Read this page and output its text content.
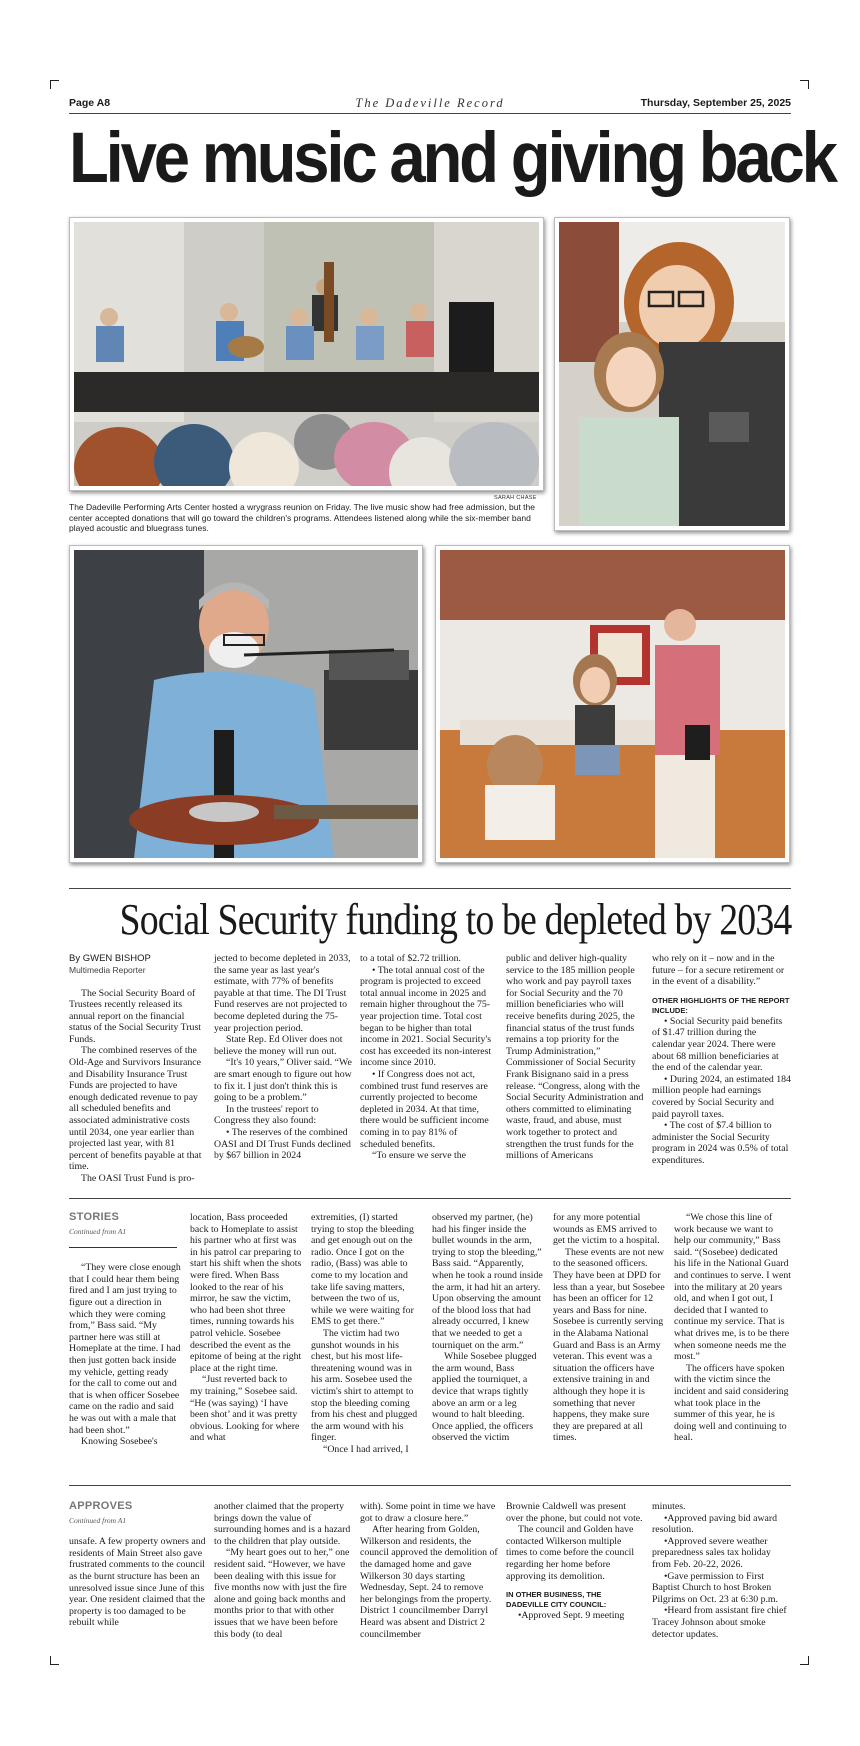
Page A8	The Dadeville Record	Thursday, September 25, 2025
Live music and giving back
SARAH CHASE
The Dadeville Performing Arts Center hosted a wrygrass reunion on Friday. The live music show had free admission, but the center accepted donations that will go toward the children's programs. Attendees listened along while the six-member band played acoustic and bluegrass tunes.
Social Security funding to be depleted by 2034
By GWEN BISHOP
Multimedia Reporter

The Social Security Board of Trustees recently released its annual report on the financial status of the Social Security Trust Funds.

The combined reserves of the Old-Age and Survivors Insurance and Disability Insurance Trust Funds are projected to have enough dedicated revenue to pay all scheduled benefits and associated administrative costs until 2034, one year earlier than projected last year, with 81 percent of benefits payable at that time.

The OASI Trust Fund is pro-

jected to become depleted in 2033, the same year as last year's estimate, with 77% of benefits payable at that time. The DI Trust Fund reserves are not projected to become depleted during the 75-year projection period.

State Rep. Ed Oliver does not believe the money will run out.

“It's 10 years,” Oliver said. “We are smart enough to figure out how to fix it. I just don't think this is going to be a problem.”

In the trustees' report to Congress they also found:

• The reserves of the combined OASI and DI Trust Funds declined by $67 billion in 2024

to a total of $2.72 trillion.

• The total annual cost of the program is projected to exceed total annual income in 2025 and remain higher throughout the 75-year projection time. Total cost began to be higher than total income in 2021. Social Security's cost has exceeded its non-interest income since 2010.

• If Congress does not act, combined trust fund reserves are currently projected to become depleted in 2034. At that time, there would be sufficient income coming in to pay 81% of scheduled benefits.

“To ensure we serve the

public and deliver high-quality service to the 185 million people who work and pay payroll taxes for Social Security and the 70 million beneficiaries who will receive benefits during 2025, the financial status of the trust funds remains a top priority for the Trump Administration,” Commissioner of Social Security Frank Bisignano said in a press release. “Congress, along with the Social Security Administration and others committed to eliminating waste, fraud, and abuse, must work together to protect and strengthen the trust funds for the millions of Americans

who rely on it – now and in the future – for a secure retirement or in the event of a disability.”

OTHER HIGHLIGHTS OF THE REPORT INCLUDE:

• Social Security paid benefits of $1.47 trillion during the calendar year 2024. There were about 68 million beneficiaries at the end of the calendar year.

• During 2024, an estimated 184 million people had earnings covered by Social Security and paid payroll taxes.

• The cost of $7.4 billion to administer the Social Security program in 2024 was 0.5% of total expenditures.

STORIES
Continued from A1

“They were close enough that I could hear them being fired and I am just trying to figure out a direction in which they were coming from,” Bass said. “My partner here was still at Homeplate at the time. I had then just gotten back inside my vehicle, getting ready for the call to come out and that is when officer Sosebee came on the radio and said he was out with a male that had been shot.”

Knowing Sosebee's

location, Bass proceeded back to Homeplate to assist his partner who at first was in his patrol car preparing to start his shift when the shots were fired. When Bass looked to the rear of his mirror, he saw the victim, who had been shot three times, running towards his patrol vehicle. Sosebee described the event as the epitome of being at the right place at the right time.

“Just reverted back to my training,” Sosebee said. “He (was saying) ‘I have been shot’ and it was pretty obvious. Looking for where and what

extremities, (I) started trying to stop the bleeding and get enough out on the radio. Once I got on the radio, (Bass) was able to come to my location and take life saving matters, between the two of us, while we were waiting for EMS to get there.”

The victim had two gunshot wounds in his chest, but his most life-threatening wound was in his arm. Sosebee used the victim's shirt to attempt to stop the bleeding coming from his chest and plugged the arm wound with his finger.

“Once I had arrived, I

observed my partner, (he) had his finger inside the bullet wounds in the arm, trying to stop the bleeding,” Bass said. “Apparently, when he took a round inside the arm, it had hit an artery. Upon observing the amount of the blood loss that had already occurred, I knew that we needed to get a tourniquet on the arm.”

While Sosebee plugged the arm wound, Bass applied the tourniquet, a device that wraps tightly above an arm or a leg wound to halt bleeding. Once applied, the officers observed the victim

for any more potential wounds as EMS arrived to get the victim to a hospital.

These events are not new to the seasoned officers. They have been at DPD for less than a year, but Sosebee has been an officer for 12 years and Bass for nine. Sosebee is currently serving in the Alabama National Guard and Bass is an Army veteran. This event was a situation the officers have extensive training in and although they hope it is something that never happens, they make sure they are prepared at all times.

“We chose this line of work because we want to help our community,” Bass said. “(Sosebee) dedicated his life in the National Guard and continues to serve. I went into the military at 20 years old, and when I got out, I decided that I wanted to continue my service. That is what drives me, is to be there when someone needs me the most.”

The officers have spoken with the victim since the incident and said considering what took place in the summer of this year, he is doing well and continuing to heal.

APPROVES
Continued from A1

unsafe. A few property owners and residents of Main Street also gave frustrated comments to the council as the burnt structure has been an unresolved issue since June of this year. One resident claimed that the property is too damaged to be rebuilt while

another claimed that the property brings down the value of surrounding homes and is a hazard to the children that play outside.

“My heart goes out to her,” one resident said. “However, we have been dealing with this issue for five months now with just the fire alone and going back months and months prior to that with other issues that we have been before this body (to deal

with). Some point in time we have got to draw a closure here.”

After hearing from Golden, Wilkerson and residents, the council approved the demolition of the damaged home and gave Wilkerson 30 days starting Wednesday, Sept. 24 to remove her belongings from the property. District 1 councilmember Darryl Heard was absent and District 2 councilmember

Brownie Caldwell was present over the phone, but could not vote.

The council and Golden have contacted Wilkerson multiple times to come before the council regarding her home before approving its demolition.

IN OTHER BUSINESS, THE DADEVILLE CITY COUNCIL:

•Approved Sept. 9 meeting

minutes.

•Approved paving bid award resolution.

•Approved severe weather preparedness sales tax holiday from Feb. 20-22, 2026.

•Gave permission to First Baptist Church to host Broken Pilgrims on Oct. 23 at 6:30 p.m.

•Heard from assistant fire chief Tracey Johnson about smoke detector updates.
